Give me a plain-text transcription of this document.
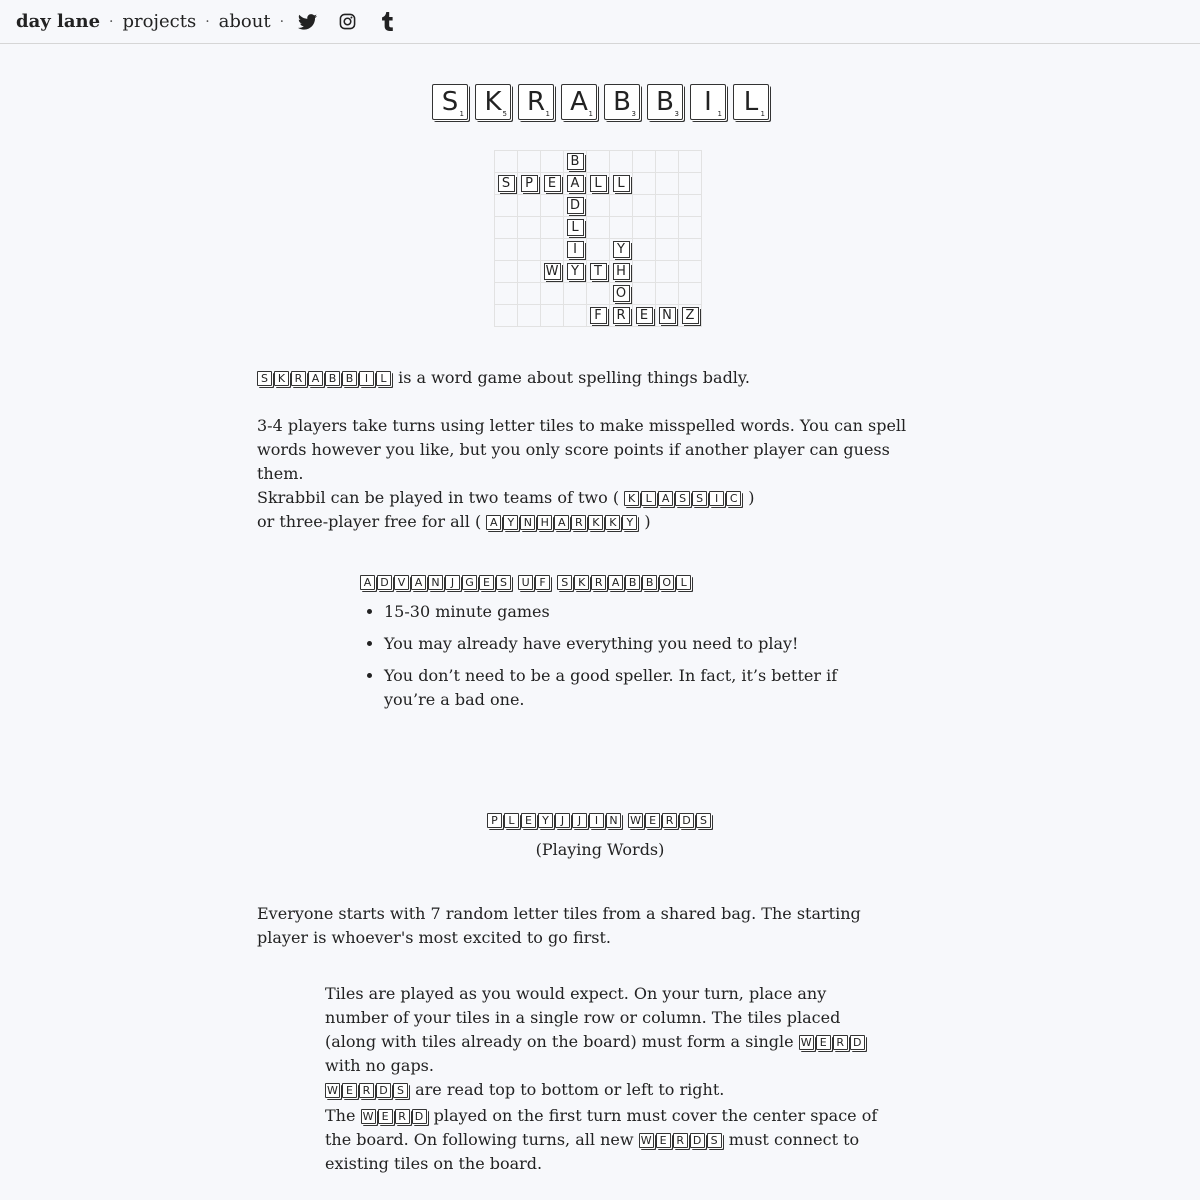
day lane · projects · about ·
S 1 K 5 R 1 A 1 B 3 B 3 I 1 L 1
B
S	P	E	A	L	L
D
L
I	Y
W Y	T	H
O
F	R	E	N	Z
S K R A B B	I	L is a word game about spelling things badly.
3-4 players take turns using letter tiles to make misspelled words. You can spell words however you like, but you only score points if another player can guess them.
Skrabbil can be played in two teams of two ( K L A S S	I	C )
or three-player free for all ( A Y N H A R K K Y )
A D V A N	J	G E S
	U F
	S K R A B B O L
• 15-30 minute games
• You may already have everything you need to play!
• You don’t need to be a good speller. In fact, it’s better if you’re a bad one.
P L E Y	J	J	I	N
	W E R D S
(Playing Words)
Everyone starts with 7 random letter tiles from a shared bag. The starting player is whoever's most excited to go first.
Tiles are played as you would expect. On your turn, place any number of your tiles in a single row or column. The tiles placed (along with tiles already on the board) must form a single W E R D
with no gaps.

W E R D S are read top to bottom or left to right.
The W E R D played on the first turn must cover the center space of the board. On following turns, all new W E R D S must connect to existing tiles on the board.
